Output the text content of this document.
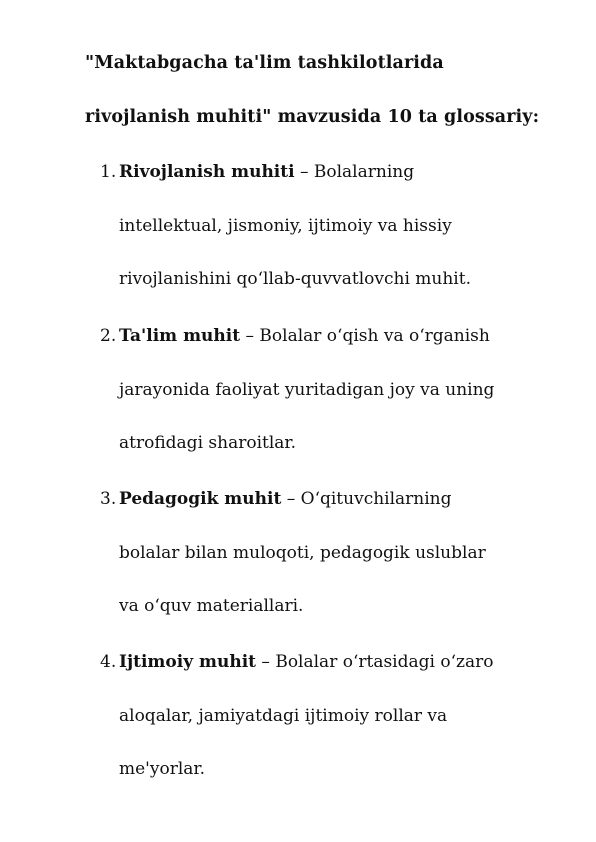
"Maktabgacha ta'lim tashkilotlarida
rivojlanish muhiti" mavzusida 10 ta glossariy:
1. Rivojlanish muhiti – Bolalarning
intellektual, jismoniy, ijtimoiy va hissiy
rivojlanishini qo‘llab-quvvatlovchi muhit.
2. Ta'lim muhit – Bolalar o‘qish va o‘rganish
jarayonida faoliyat yuritadigan joy va uning
atrofidagi sharoitlar.
3. Pedagogik muhit – O‘qituvchilarning
bolalar bilan muloqoti, pedagogik uslublar
va o‘quv materiallari.
4. Ijtimoiy muhit – Bolalar o‘rtasidagi o‘zaro
aloqalar, jamiyatdagi ijtimoiy rollar va
me'yorlar.
